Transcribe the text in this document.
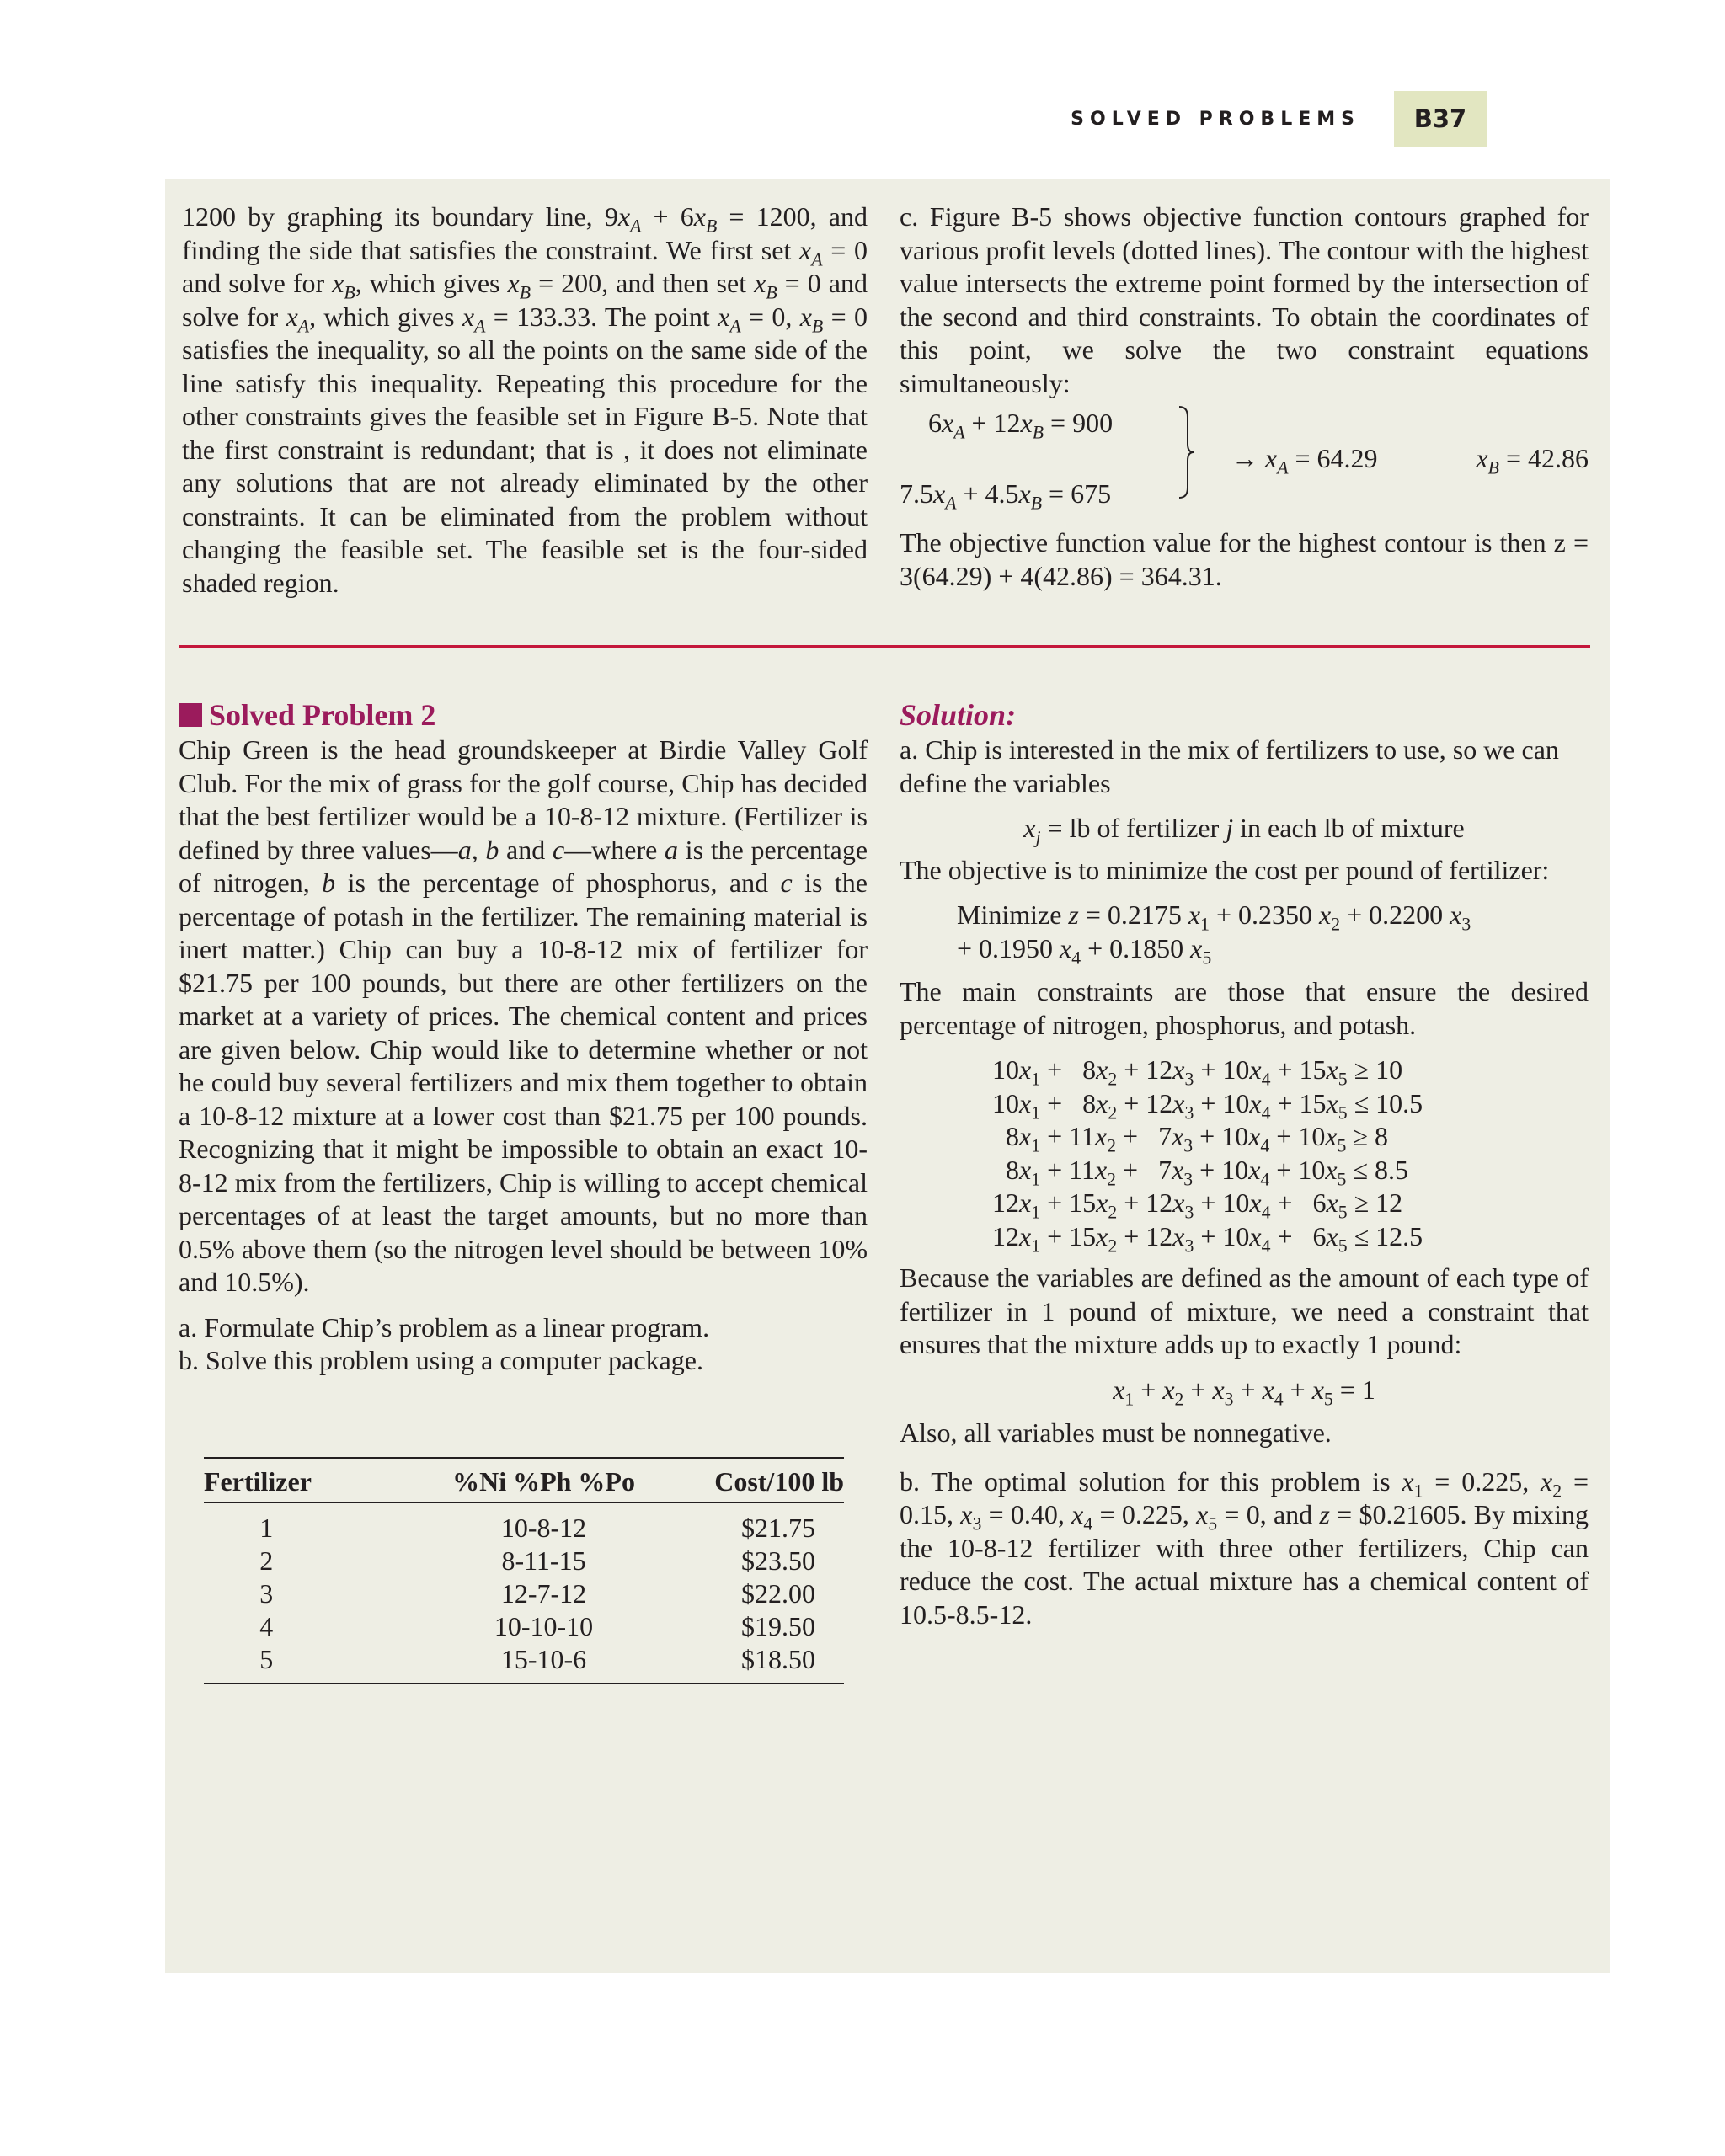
SOLVED PROBLEMS	B37

1200 by graphing its boundary line, $9x_A + 6x_B = 1200$, and finding the side that satisfies the constraint. We first set $x_A = 0$ and solve for $x_B$, which gives $x_B = 200$, and then set $x_B = 0$ and solve for $x_A$, which gives $x_A = 133.33$. The point $x_A = 0$, $x_B = 0$ satisfies the inequality, so all the points on the same side of the line satisfy this inequality. Repeating this procedure for the other constraints gives the feasible set in Figure B-5. Note that the first constraint is redundant; that is , it does not eliminate any solutions that are not already eliminated by the other constraints. It can be eliminated from the problem without changing the feasible set. The feasible set is the four-sided shaded region.

c. Figure B-5 shows objective function contours graphed for various profit levels (dotted lines). The contour with the highest value intersects the extreme point formed by the intersection of the second and third constraints. To obtain the coordinates of this point, we solve the two constraint equations simultaneously:

$6x_A + 12x_B = 900$
$7.5x_A + 4.5x_B = 675$
→ $x_A = 64.29$	$x_B = 42.86$

The objective function value for the highest contour is then z = 3(64.29) + 4(42.86) = 364.31.

Solved Problem 2

Chip Green is the head groundskeeper at Birdie Valley Golf Club. For the mix of grass for the golf course, Chip has decided that the best fertilizer would be a 10-8-12 mixture. (Fertilizer is defined by three values—a, b and c—where a is the percentage of nitrogen, b is the percentage of phosphorus, and c is the percentage of potash in the fertilizer. The remaining material is inert matter.) Chip can buy a 10-8-12 mix of fertilizer for $21.75 per 100 pounds, but there are other fertilizers on the market at a variety of prices. The chemical content and prices are given below. Chip would like to determine whether or not he could buy several fertilizers and mix them together to obtain a 10-8-12 mixture at a lower cost than $21.75 per 100 pounds. Recognizing that it might be impossible to obtain an exact 10-8-12 mix from the fertilizers, Chip is willing to accept chemical percentages of at least the target amounts, but no more than 0.5% above them (so the nitrogen level should be between 10% and 10.5%).

a. Formulate Chip’s problem as a linear program.
b. Solve this problem using a computer package.
Fertilizer	%Ni %Ph %Po	Cost/100 lb
1	10-8-12	$21.75
2	8-11-15	$23.50
3	12-7-12	$22.00
4	10-10-10	$19.50
5	15-10-6	$18.50
Solution:

a. Chip is interested in the mix of fertilizers to use, so we can define the variables

$x_j$ = lb of fertilizer j in each lb of mixture

The objective is to minimize the cost per pound of fertilizer:

Minimize z = 0.2175 $x_1 + 0.2350$ $x_2 + 0.2200$ $x_3$
+ 0.1950 $x_4 + 0.1850$ $x_5$

The main constraints are those that ensure the desired percentage of nitrogen, phosphorus, and potash.

$10x_1 + 8x_2 + 12x_3 + 10x_4 + 15x_5 \ge 10$
$10x_1 + 8x_2 + 12x_3 + 10x_4 + 15x_5 \le 10.5$
$8x_1 + 11x_2 + 7x_3 + 10x_4 + 10x_5 \ge 8$
$8x_1 + 11x_2 + 7x_3 + 10x_4 + 10x_5 \le 8.5$
$12x_1 + 15x_2 + 12x_3 + 10x_4 + 6x_5 \ge 12$
$12x_1 + 15x_2 + 12x_3 + 10x_4 + 6x_5 \le 12.5$

Because the variables are defined as the amount of each type of fertilizer in 1 pound of mixture, we need a constraint that ensures that the mixture adds up to exactly 1 pound:

$x_1 + x_2 + x_3 + x_4 + x_5 = 1$

Also, all variables must be nonnegative.

b. The optimal solution for this problem is $x_1 = 0.225$, $x_2 = 0.15$, $x_3 = 0.40$, $x_4 = 0.225$, $x_5 = 0$, and z = $0.21605. By mixing the 10-8-12 fertilizer with three other fertilizers, Chip can reduce the cost. The actual mixture has a chemical content of 10.5-8.5-12.
